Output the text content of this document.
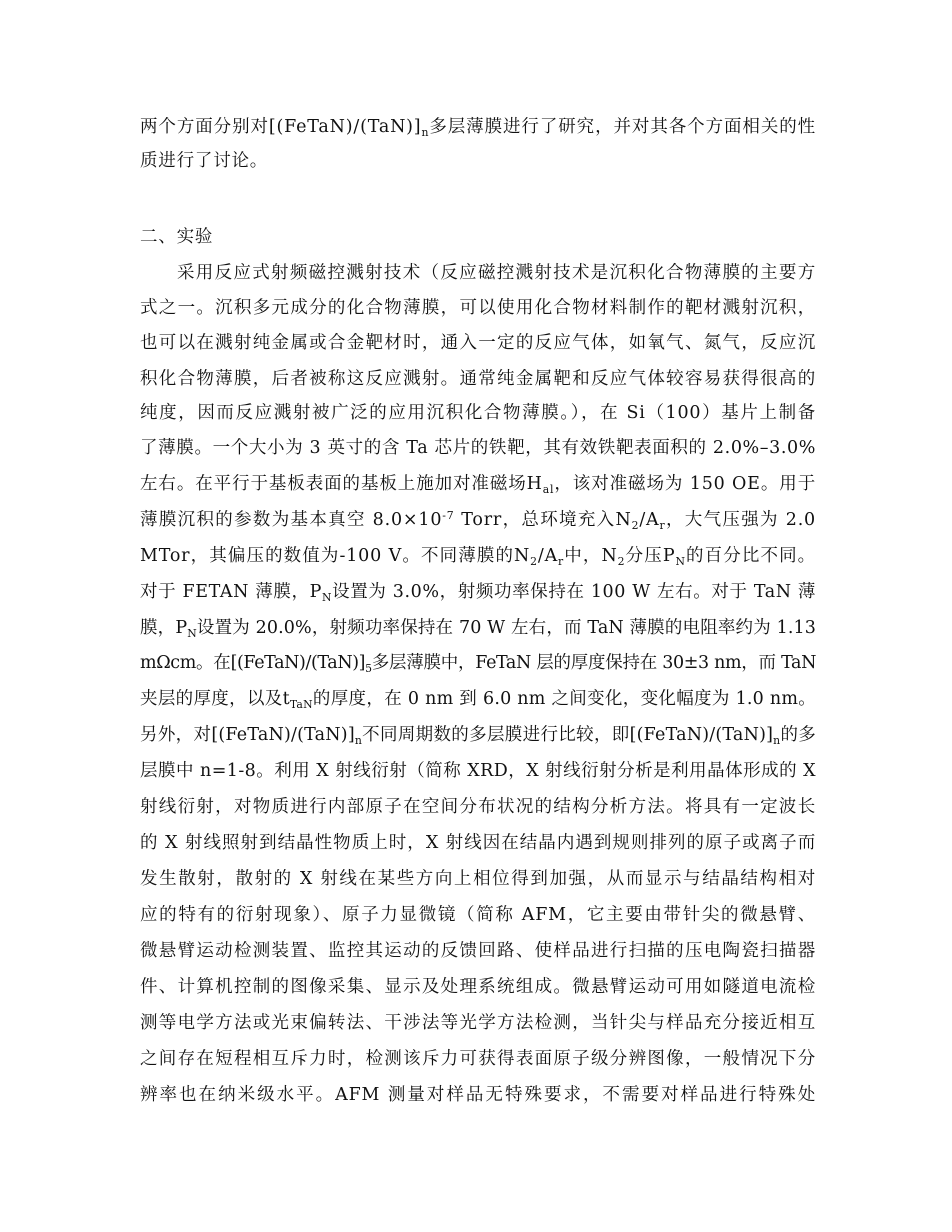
两个方面分别对$[(FeTaN)/(TaN)]_n$多层薄膜进行了研究，并对其各个方面相关的性
质进行了讨论。
二、实验
采用反应式射频磁控溅射技术（反应磁控溅射技术是沉积化合物薄膜的主要方
式之一。沉积多元成分的化合物薄膜，可以使用化合物材料制作的靶材溅射沉积，
也可以在溅射纯金属或合金靶材时，通入一定的反应气体，如氧气、氮气，反应沉
积化合物薄膜，后者被称这反应溅射。通常纯金属靶和反应气体较容易获得很高的
纯度，因而反应溅射被广泛的应用沉积化合物薄膜。），在 Si（100）基片上制备
了薄膜。一个大小为 3 英寸的含 Ta 芯片的铁靶，其有效铁靶表面积的 2.0%–3.0%
左右。在平行于基板表面的基板上施加对准磁场$H_{al}$，该对准磁场为 150 OE。用于
薄膜沉积的参数为基本真空 $8.0\times 10^{-7}$ Torr，总环境充入$N_2/A_r$，大气压强为 2.0
MTor，其偏压的数值为-100 V。不同薄膜的$N_2/A_r$中，$N_2$分压$P_N$的百分比不同。
对于 FETAN 薄膜，$P_N$设置为 3.0%，射频功率保持在 100 W 左右。对于 TaN 薄
膜，$P_N$设置为 20.0%，射频功率保持在 70 W 左右，而 TaN 薄膜的电阻率约为 1.13
mΩcm。在$[(FeTaN)/(TaN)]_5$多层薄膜中，FeTaN 层的厚度保持在 30±3 nm，而 TaN
夹层的厚度，以及$t_{TaN}$的厚度，在 0 nm 到 6.0 nm 之间变化，变化幅度为 1.0 nm。
另外，对$[(FeTaN)/(TaN)]_n$不同周期数的多层膜进行比较，即$[(FeTaN)/(TaN)]_n$的多
层膜中 n=1-8。利用 X 射线衍射（简称 XRD，X 射线衍射分析是利用晶体形成的 X
射线衍射，对物质进行内部原子在空间分布状况的结构分析方法。将具有一定波长
的 X 射线照射到结晶性物质上时，X 射线因在结晶内遇到规则排列的原子或离子而
发生散射，散射的 X 射线在某些方向上相位得到加强，从而显示与结晶结构相对
应的特有的衍射现象）、原子力显微镜（简称 AFM，它主要由带针尖的微悬臂、
微悬臂运动检测装置、监控其运动的反馈回路、使样品进行扫描的压电陶瓷扫描器
件、计算机控制的图像采集、显示及处理系统组成。微悬臂运动可用如隧道电流检
测等电学方法或光束偏转法、干涉法等光学方法检测，当针尖与样品充分接近相互
之间存在短程相互斥力时，检测该斥力可获得表面原子级分辨图像，一般情况下分
辨率也在纳米级水平。AFM 测量对样品无特殊要求，不需要对样品进行特殊处
